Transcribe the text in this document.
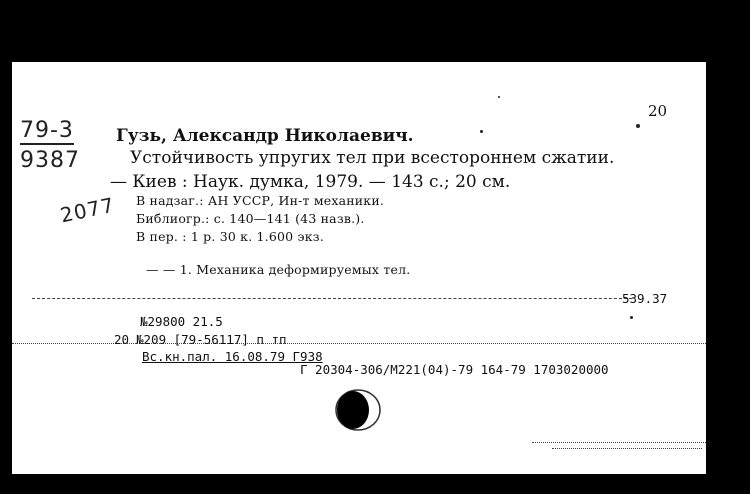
20
79-3
9387
2077
Гузь, Александр Николаевич.
Устойчивость упругих тел при всестороннем сжатии.
— Киев : Наук. думка, 1979. — 143 с.; 20 см.
В надзаг.: АН УССР, Ин-т механики.
Библиогр.: с. 140—141 (43 назв.).
В пер. : 1 р. 30 к. 1.600 экз.
— — 1. Механика деформируемых тел.
539.37
№29800 21.5
20 №209 [79-56117] п тп
Вс.кн.пал. 16.08.79 Г938
Г 20304-306/М221(04)-79 164-79 1703020000
